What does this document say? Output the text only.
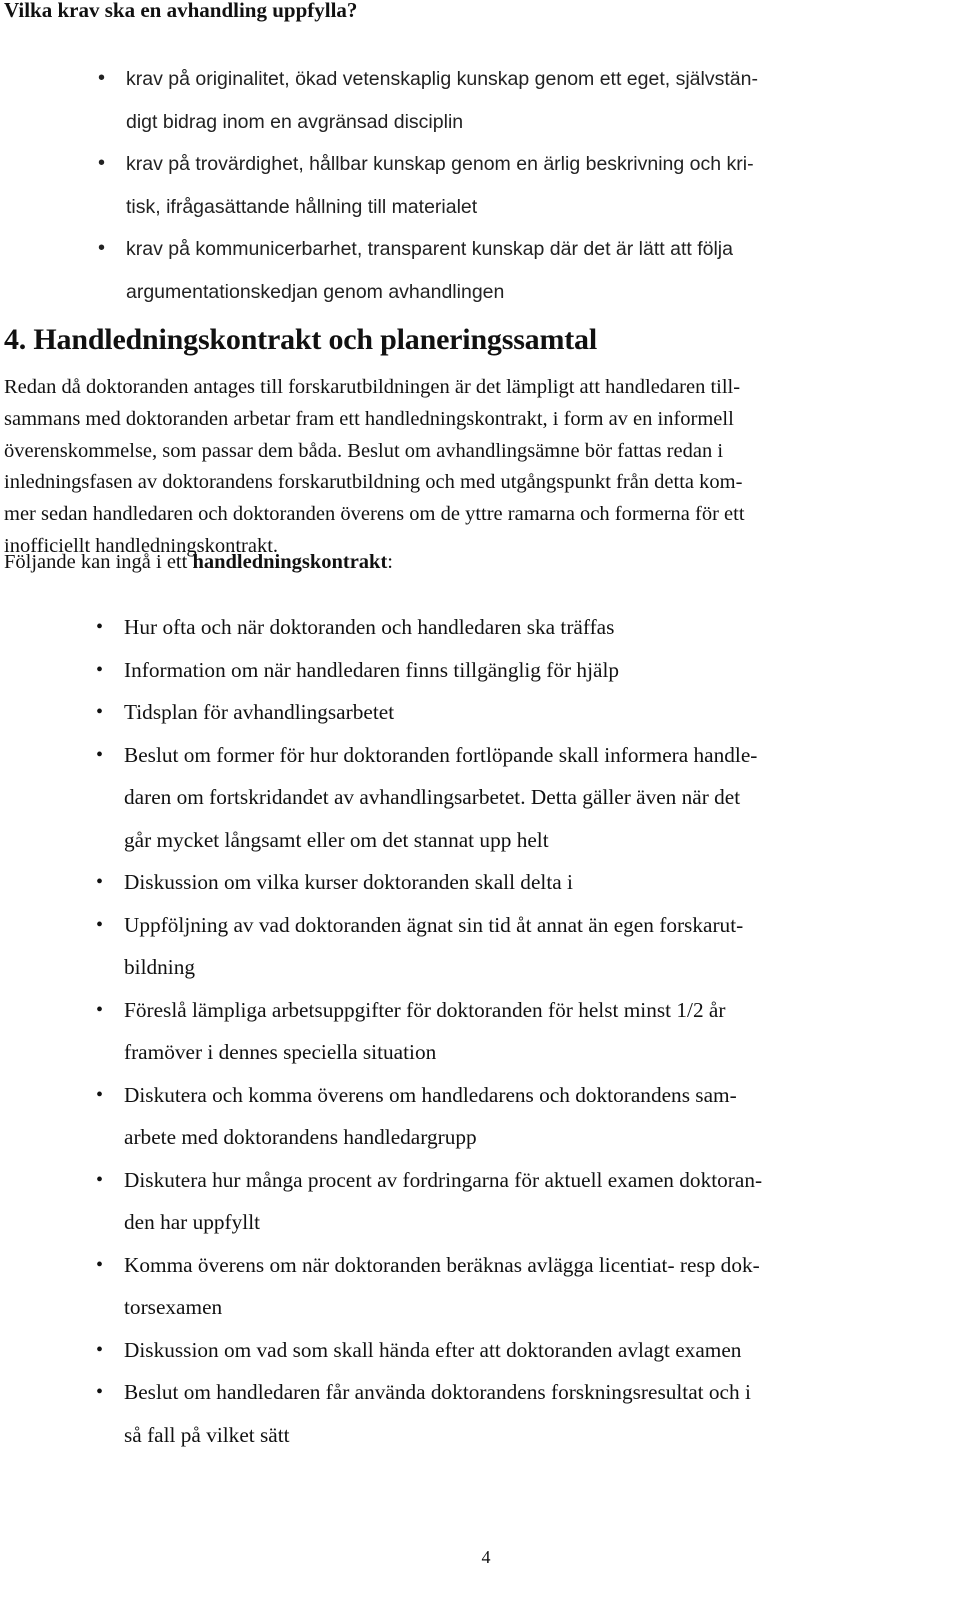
Vilka krav ska en avhandling uppfylla?
• krav på originalitet, ökad vetenskaplig kunskap genom ett eget, självstän-
digt bidrag inom en avgränsad disciplin
• krav på trovärdighet, hållbar kunskap genom en ärlig beskrivning och kri-
tisk, ifrågasättande hållning till materialet
• krav på kommunicerbarhet, transparent kunskap där det är lätt att följa
argumentationskedjan genom avhandlingen
4. Handledningskontrakt och planeringssamtal

Redan då doktoranden antages till forskarutbildningen är det lämpligt att handledaren till-
sammans med doktoranden arbetar fram ett handledningskontrakt, i form av en informell
överenskommelse, som passar dem båda. Beslut om avhandlingsämne bör fattas redan i
inledningsfasen av doktorandens forskarutbildning och med utgångspunkt från detta kom-
mer sedan handledaren och doktoranden överens om de yttre ramarna och formerna för ett
inofficiellt handledningskontrakt.

Följande kan ingå i ett handledningskontrakt:

• Hur ofta och när doktoranden och handledaren ska träffas
• Information om när handledaren finns tillgänglig för hjälp
• Tidsplan för avhandlingsarbetet
• Beslut om former för hur doktoranden fortlöpande skall informera handle-
daren om fortskridandet av avhandlingsarbetet. Detta gäller även när det
går mycket långsamt eller om det stannat upp helt
• Diskussion om vilka kurser doktoranden skall delta i
• Uppföljning av vad doktoranden ägnat sin tid åt annat än egen forskarut-
bildning
• Föreslå lämpliga arbetsuppgifter för doktoranden för helst minst 1/2 år
framöver i dennes speciella situation
• Diskutera och komma överens om handledarens och doktorandens sam-
arbete med doktorandens handledargrupp
• Diskutera hur många procent av fordringarna för aktuell examen doktoran-
den har uppfyllt
• Komma överens om när doktoranden beräknas avlägga licentiat- resp dok-
torsexamen
• Diskussion om vad som skall hända efter att doktoranden avlagt examen
• Beslut om handledaren får använda doktorandens forskningsresultat och i
så fall på vilket sätt
4
